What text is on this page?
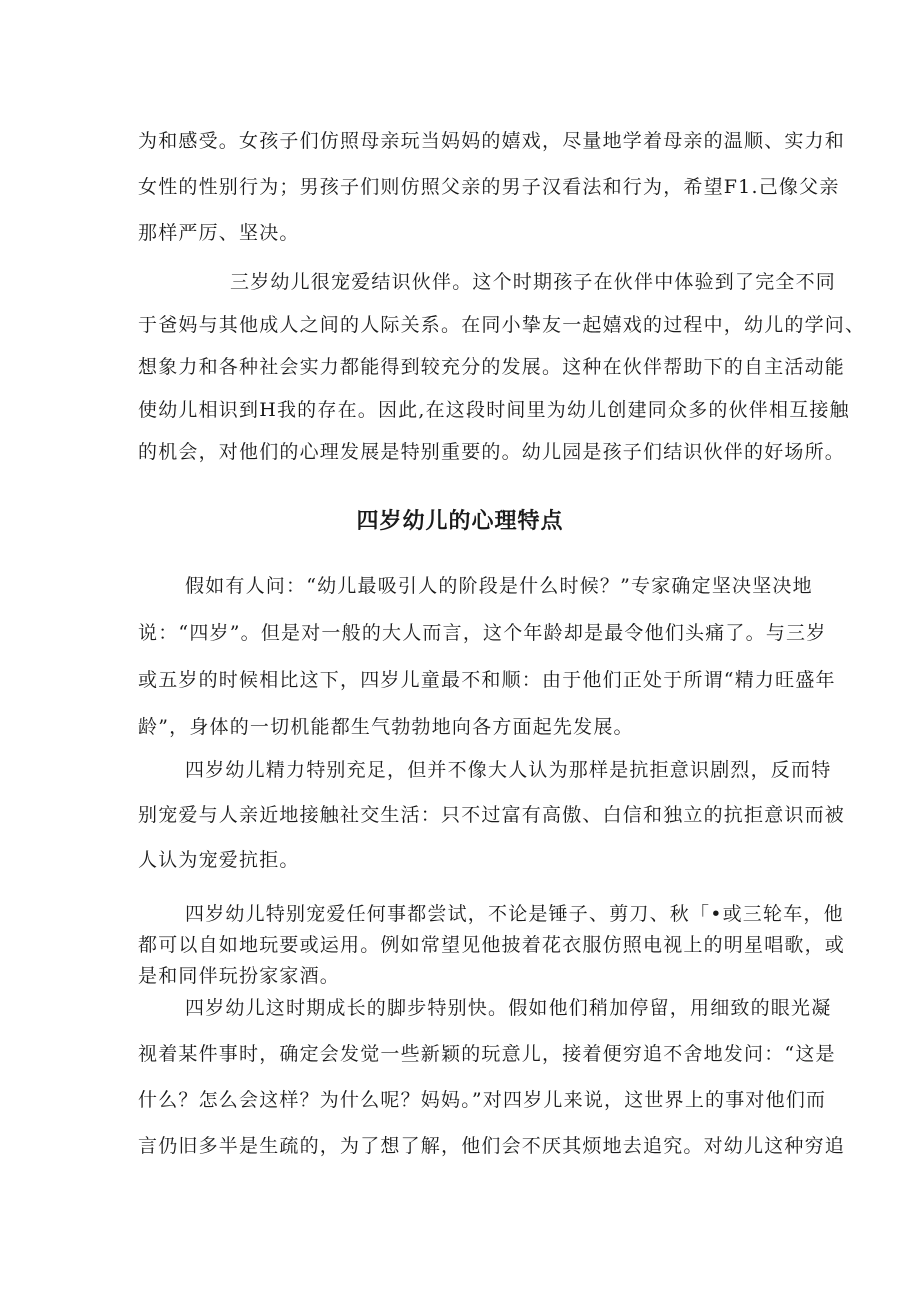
为和感受。女孩子们仿照母亲玩当妈妈的嬉戏，尽量地学着母亲的温顺、实力和
女性的性别行为；男孩子们则仿照父亲的男子汉看法和行为，希望F1.己像父亲
那样严厉、坚决。
三岁幼儿很宠爱结识伙伴。这个时期孩子在伙伴中体验到了完全不同
于爸妈与其他成人之间的人际关系。在同小挚友一起嬉戏的过程中，幼儿的学问、
想象力和各种社会实力都能得到较充分的发展。这种在伙伴帮助下的自主活动能
使幼儿相识到H我的存在。因此,在这段时间里为幼儿创建同众多的伙伴相互接触
的机会，对他们的心理发展是特别重要的。幼儿园是孩子们结识伙伴的好场所。
四岁幼儿的心理特点
假如有人问：“幼儿最吸引人的阶段是什么时候？”专家确定坚决坚决地
说：“四岁”。但是对一般的大人而言，这个年龄却是最令他们头痛了。与三岁
或五岁的时候相比这下，四岁儿童最不和顺：由于他们正处于所谓“精力旺盛年
龄”，身体的一切机能都生气勃勃地向各方面起先发展。
四岁幼儿精力特别充足，但并不像大人认为那样是抗拒意识剧烈，反而特
别宠爱与人亲近地接触社交生活：只不过富有高傲、白信和独立的抗拒意识而被
人认为宠爱抗拒。
四岁幼儿特别宠爱任何事都尝试，不论是锤子、剪刀、秋「•或三轮车，他
都可以自如地玩要或运用。例如常望见他披着花衣服仿照电视上的明星唱歌，或
是和同伴玩扮家家酒。
四岁幼儿这时期成长的脚步特别快。假如他们稍加停留，用细致的眼光凝
视着某件事时，确定会发觉一些新颖的玩意儿，接着便穷追不舍地发问：“这是
什么？怎么会这样？为什么呢？妈妈。”对四岁儿来说，这世界上的事对他们而
言仍旧多半是生疏的，为了想了解，他们会不厌其烦地去追究。对幼儿这种穷追
